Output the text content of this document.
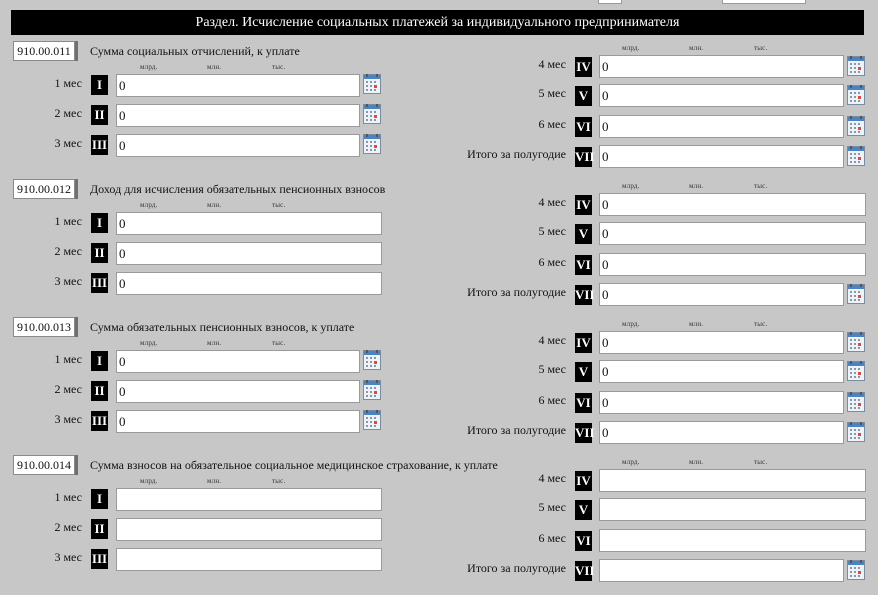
Раздел. Исчисление социальных платежей за индивидуального предпринимателя
910.00.011	Сумма социальных отчислений, к уплате
млрд.	млн.	тыс.
млрд.	млн.	тыс.
1 мес	I	0
2 мес II 0
3 мес III 0
4 мес IV 0
5 мес V 0
6 мес VI 0
Итого за полугодие VII 0
910.00.012	Доход для исчисления обязательных пенсионных взносов
млрд.	млн.	тыс.
млрд.	млн.	тыс.
1 мес	I	0
2 мес II 0
3 мес III 0
4 мес IV 0
5 мес V 0
6 мес VI 0
Итого за полугодие VII 0
910.00.013	Сумма обязательных пенсионных взносов, к уплате
млрд.	млн.	тыс.
млрд.	млн.	тыс.
1 мес	I	0
2 мес II 0
3 мес III 0
4 мес IV 0
5 мес V 0
6 мес VI 0
Итого за полугодие VII 0
910.00.014	Сумма взносов на обязательное социальное медицинское страхование, к уплате
млрд.	млн.	тыс.
млрд.	млн.	тыс.
1 мес	I
2 мес II
3 мес III
4 мес IV
5 мес V
6 мес VI
Итого за полугодие VII
